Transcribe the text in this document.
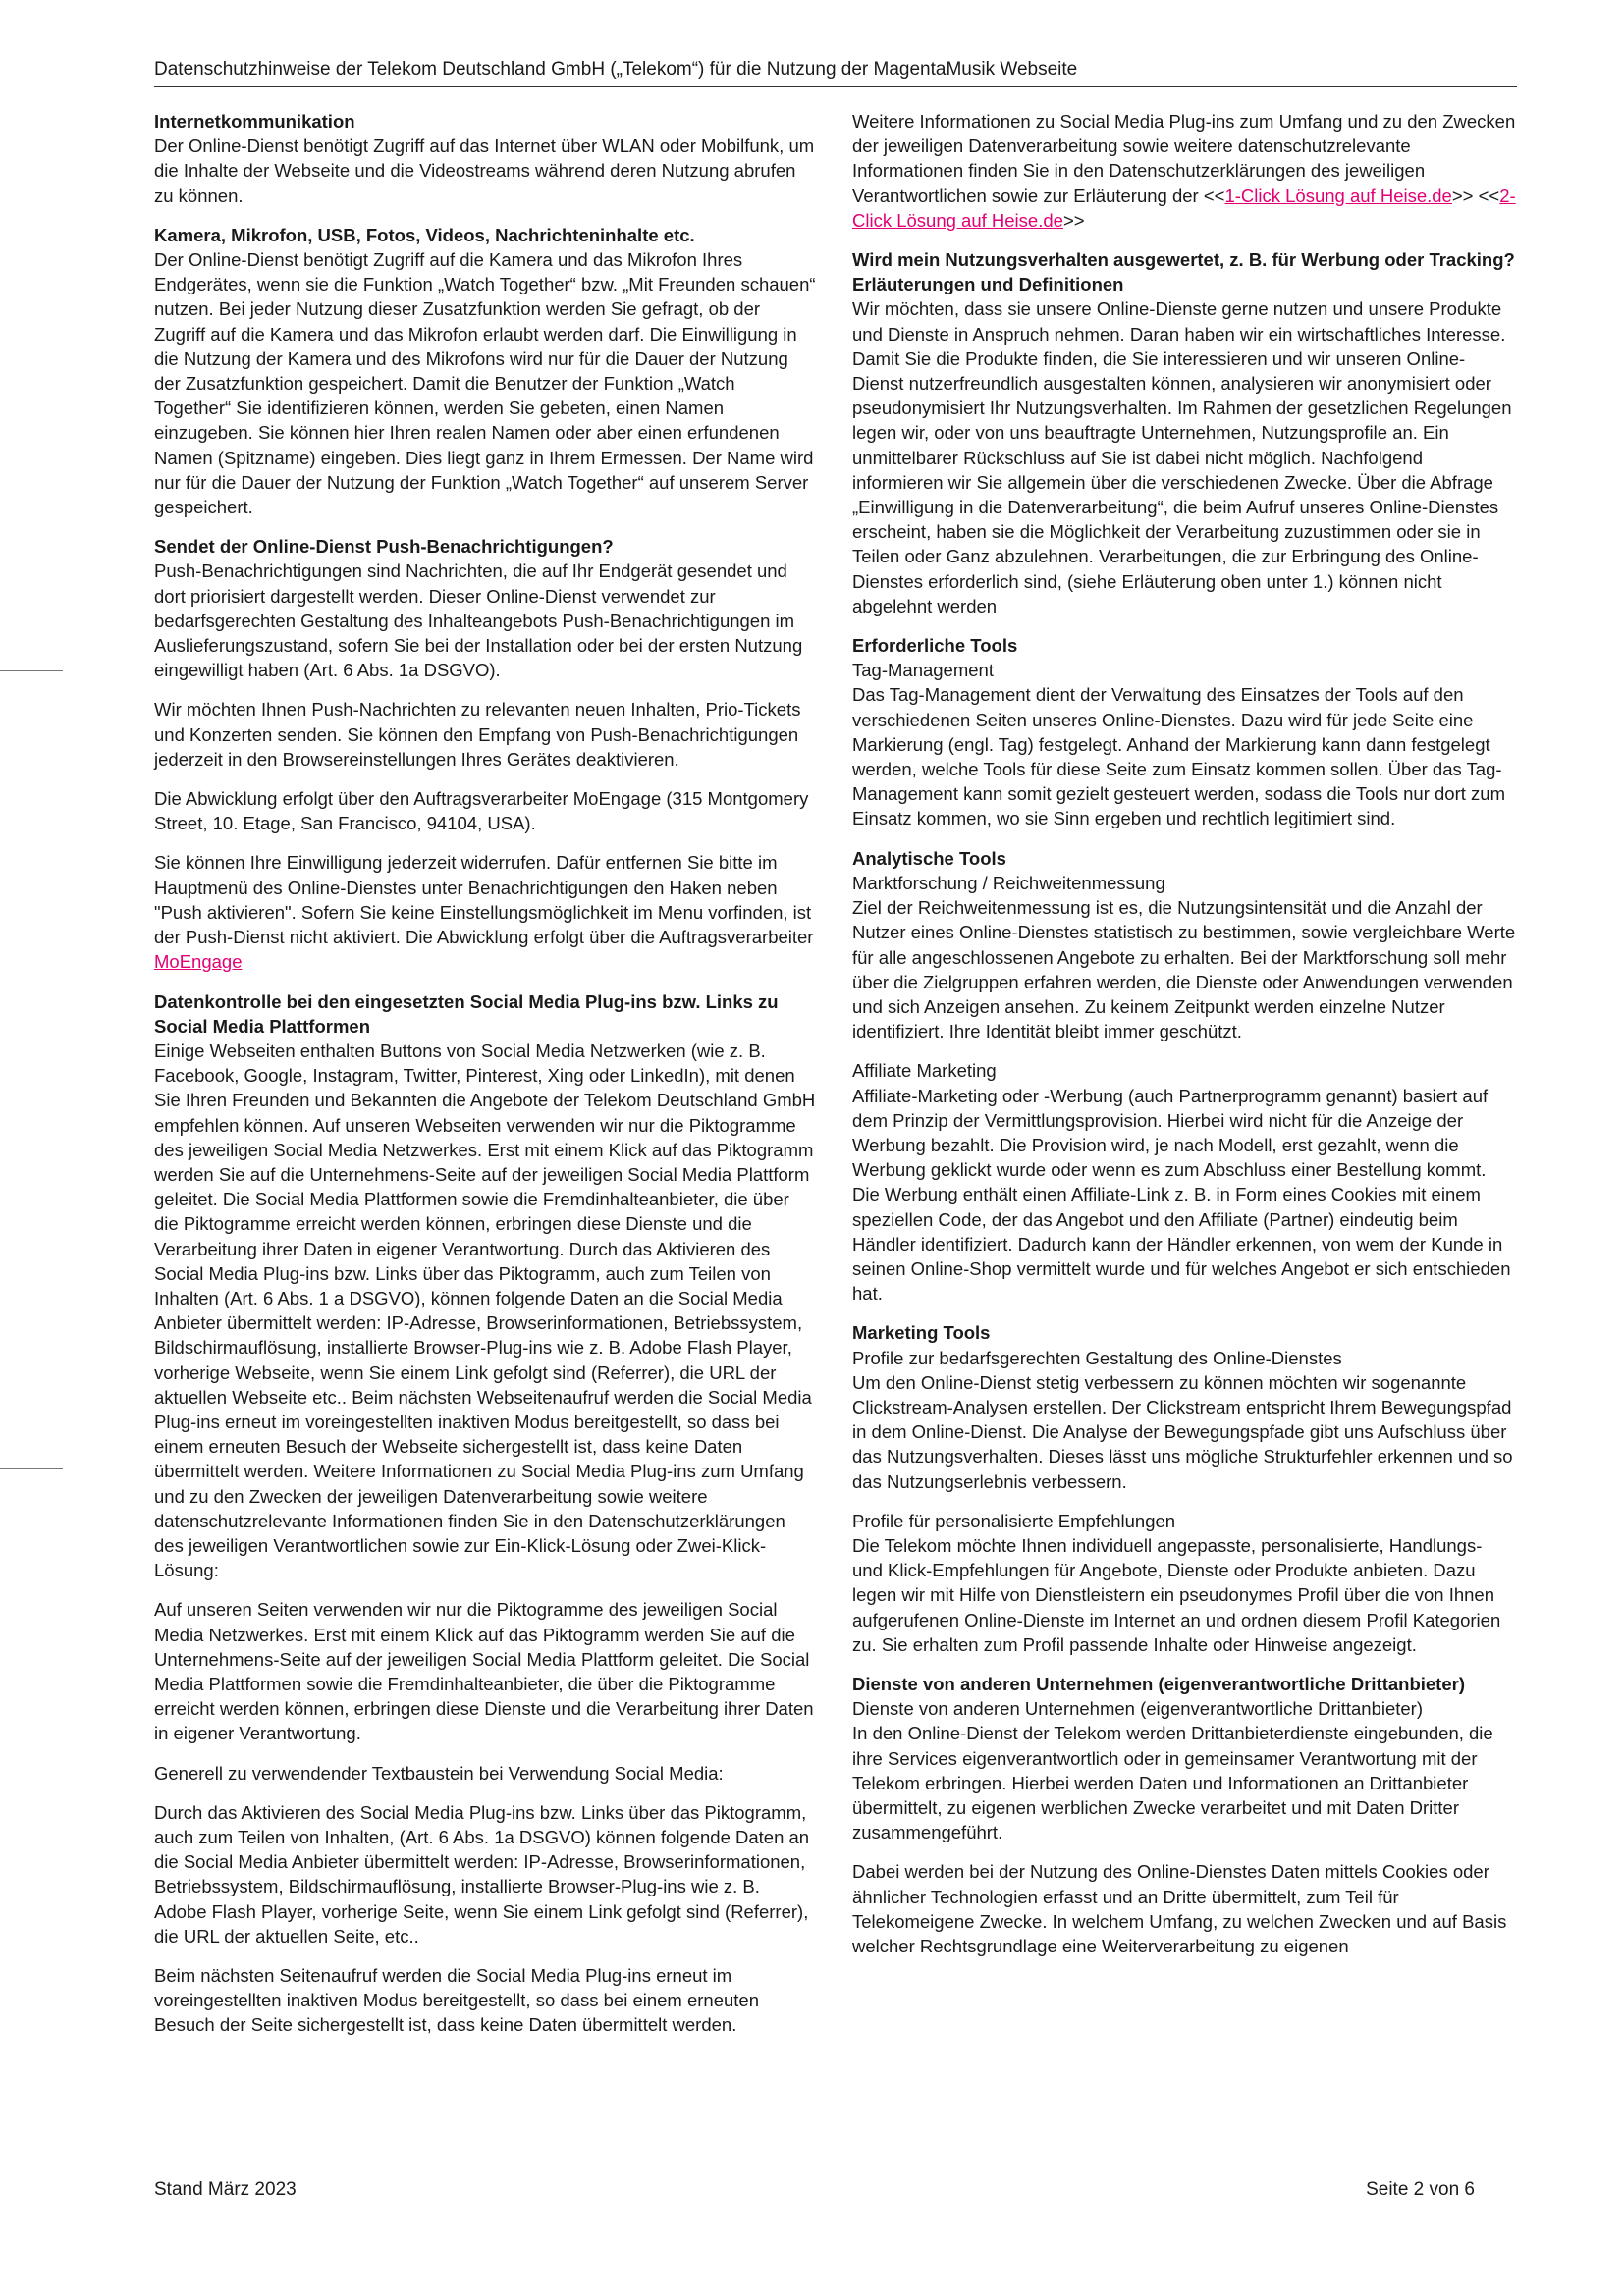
Datenschutzhinweise der Telekom Deutschland GmbH („Telekom“) für die Nutzung der MagentaMusik Webseite
Internetkommunikation

Der Online-Dienst benötigt Zugriff auf das Internet über WLAN oder Mobilfunk, um die Inhalte der Webseite und die Videostreams während deren Nutzung abrufen zu können.

Kamera, Mikrofon, USB, Fotos, Videos, Nachrichteninhalte etc.

Der Online-Dienst benötigt Zugriff auf die Kamera und das Mikrofon Ihres Endgerätes, wenn sie die Funktion „Watch Together“ bzw. „Mit Freunden schauen“ nutzen. Bei jeder Nutzung dieser Zusatzfunktion werden Sie gefragt, ob der Zugriff auf die Kamera und das Mikrofon erlaubt werden darf. Die Einwilligung in die Nutzung der Kamera und des Mikrofons wird nur für die Dauer der Nutzung der Zusatzfunktion gespeichert. Damit die Benutzer der Funktion „Watch Together“ Sie identifizieren können, werden Sie gebeten, einen Namen einzugeben. Sie können hier Ihren realen Namen oder aber einen erfundenen Namen (Spitzname) eingeben. Dies liegt ganz in Ihrem Ermessen. Der Name wird nur für die Dauer der Nutzung der Funktion „Watch Together“ auf unserem Server gespeichert.

Sendet der Online-Dienst Push-Benachrichtigungen?

Push-Benachrichtigungen sind Nachrichten, die auf Ihr Endgerät gesendet und dort priorisiert dargestellt werden. Dieser Online-Dienst verwendet zur bedarfsgerechten Gestaltung des Inhalteangebots Push-Benachrichtigungen im Auslieferungszustand, sofern Sie bei der Installation oder bei der ersten Nutzung eingewilligt haben (Art. 6 Abs. 1a DSGVO).

Wir möchten Ihnen Push-Nachrichten zu relevanten neuen Inhalten, Prio-Tickets und Konzerten senden. Sie können den Empfang von Push-Benachrichtigungen jederzeit in den Browsereinstellungen Ihres Gerätes deaktivieren.

Die Abwicklung erfolgt über den Auftragsverarbeiter MoEngage (315 Montgomery Street, 10. Etage, San Francisco, 94104, USA).

Sie können Ihre Einwilligung jederzeit widerrufen. Dafür entfernen Sie bitte im Hauptmenü des Online-Dienstes unter Benachrichtigungen den Haken neben "Push aktivieren". Sofern Sie keine Einstellungsmöglichkeit im Menu vorfinden, ist der Push-Dienst nicht aktiviert. Die Abwicklung erfolgt über die Auftragsverarbeiter MoEngage

Datenkontrolle bei den eingesetzten Social Media Plug-ins bzw. Links zu Social Media Plattformen

Einige Webseiten enthalten Buttons von Social Media Netzwerken (wie z. B. Facebook, Google, Instagram, Twitter, Pinterest, Xing oder LinkedIn), mit denen Sie Ihren Freunden und Bekannten die Angebote der Telekom Deutschland GmbH empfehlen können. Auf unseren Webseiten verwenden wir nur die Piktogramme des jeweiligen Social Media Netzwerkes. Erst mit einem Klick auf das Piktogramm werden Sie auf die Unternehmens-Seite auf der jeweiligen Social Media Plattform geleitet. Die Social Media Plattformen sowie die Fremdinhalteanbieter, die über die Piktogramme erreicht werden können, erbringen diese Dienste und die Verarbeitung ihrer Daten in eigener Verantwortung. Durch das Aktivieren des Social Media Plug-ins bzw. Links über das Piktogramm, auch zum Teilen von Inhalten (Art. 6 Abs. 1 a DSGVO), können folgende Daten an die Social Media Anbieter übermittelt werden: IP-Adresse, Browserinformationen, Betriebssystem, Bildschirmauflösung, installierte Browser-Plug-ins wie z. B. Adobe Flash Player, vorherige Webseite, wenn Sie einem Link gefolgt sind (Referrer), die URL der aktuellen Webseite etc.. Beim nächsten Webseitenaufruf werden die Social Media Plug-ins erneut im voreingestellten inaktiven Modus bereitgestellt, so dass bei einem erneuten Besuch der Webseite sichergestellt ist, dass keine Daten übermittelt werden. Weitere Informationen zu Social Media Plug-ins zum Umfang und zu den Zwecken der jeweiligen Datenverarbeitung sowie weitere datenschutzrelevante Informationen finden Sie in den Datenschutzerklärungen des jeweiligen Verantwortlichen sowie zur Ein-Klick-Lösung oder Zwei-Klick-Lösung:

Auf unseren Seiten verwenden wir nur die Piktogramme des jeweiligen Social Media Netzwerkes. Erst mit einem Klick auf das Piktogramm werden Sie auf die Unternehmens-Seite auf der jeweiligen Social Media Plattform geleitet. Die Social Media Plattformen sowie die Fremdinhalteanbieter, die über die Piktogramme erreicht werden können, erbringen diese Dienste und die Verarbeitung ihrer Daten in eigener Verantwortung.

Generell zu verwendender Textbaustein bei Verwendung Social Media:

Durch das Aktivieren des Social Media Plug-ins bzw. Links über das Piktogramm, auch zum Teilen von Inhalten, (Art. 6 Abs. 1a DSGVO) können folgende Daten an die Social Media Anbieter übermittelt werden: IP-Adresse, Browserinformationen, Betriebssystem, Bildschirmauflösung, installierte Browser-Plug-ins wie z. B. Adobe Flash Player, vorherige Seite, wenn Sie einem Link gefolgt sind (Referrer), die URL der aktuellen Seite, etc..

Beim nächsten Seitenaufruf werden die Social Media Plug-ins erneut im voreingestellten inaktiven Modus bereitgestellt, so dass bei einem erneuten Besuch der Seite sichergestellt ist, dass keine Daten übermittelt werden.

Weitere Informationen zu Social Media Plug-ins zum Umfang und zu den Zwecken der jeweiligen Datenverarbeitung sowie weitere datenschutzrelevante Informationen finden Sie in den Datenschutzerklärungen des jeweiligen Verantwortlichen sowie zur Erläuterung der <<1-Click Lösung auf Heise.de>> <<2-Click Lösung auf Heise.de>>

Wird mein Nutzungsverhalten ausgewertet, z. B. für Werbung oder Tracking?
Erläuterungen und Definitionen

Wir möchten, dass sie unsere Online-Dienste gerne nutzen und unsere Produkte und Dienste in Anspruch nehmen. Daran haben wir ein wirtschaftliches Interesse. Damit Sie die Produkte finden, die Sie interessieren und wir unseren Online-Dienst nutzerfreundlich ausgestalten können, analysieren wir anonymisiert oder pseudonymisiert Ihr Nutzungsverhalten. Im Rahmen der gesetzlichen Regelungen legen wir, oder von uns beauftragte Unternehmen, Nutzungsprofile an. Ein unmittelbarer Rückschluss auf Sie ist dabei nicht möglich. Nachfolgend informieren wir Sie allgemein über die verschiedenen Zwecke. Über die Abfrage „Einwilligung in die Datenverarbeitung“, die beim Aufruf unseres Online-Dienstes erscheint, haben sie die Möglichkeit der Verarbeitung zuzustimmen oder sie in Teilen oder Ganz abzulehnen. Verarbeitungen, die zur Erbringung des Online-Dienstes erforderlich sind, (siehe Erläuterung oben unter 1.) können nicht abgelehnt werden

Erforderliche Tools
Tag-Management

Das Tag-Management dient der Verwaltung des Einsatzes der Tools auf den verschiedenen Seiten unseres Online-Dienstes. Dazu wird für jede Seite eine Markierung (engl. Tag) festgelegt. Anhand der Markierung kann dann festgelegt werden, welche Tools für diese Seite zum Einsatz kommen sollen. Über das Tag-Management kann somit gezielt gesteuert werden, sodass die Tools nur dort zum Einsatz kommen, wo sie Sinn ergeben und rechtlich legitimiert sind.

Analytische Tools
Marktforschung / Reichweitenmessung

Ziel der Reichweitenmessung ist es, die Nutzungsintensität und die Anzahl der Nutzer eines Online-Dienstes statistisch zu bestimmen, sowie vergleichbare Werte für alle angeschlossenen Angebote zu erhalten. Bei der Marktforschung soll mehr über die Zielgruppen erfahren werden, die Dienste oder Anwendungen verwenden und sich Anzeigen ansehen. Zu keinem Zeitpunkt werden einzelne Nutzer identifiziert. Ihre Identität bleibt immer geschützt.

Affiliate Marketing

Affiliate-Marketing oder -Werbung (auch Partnerprogramm genannt) basiert auf dem Prinzip der Vermittlungsprovision. Hierbei wird nicht für die Anzeige der Werbung bezahlt. Die Provision wird, je nach Modell, erst gezahlt, wenn die Werbung geklickt wurde oder wenn es zum Abschluss einer Bestellung kommt. Die Werbung enthält einen Affiliate-Link z. B. in Form eines Cookies mit einem speziellen Code, der das Angebot und den Affiliate (Partner) eindeutig beim Händler identifiziert. Dadurch kann der Händler erkennen, von wem der Kunde in seinen Online-Shop vermittelt wurde und für welches Angebot er sich entschieden hat.

Marketing Tools
Profile zur bedarfsgerechten Gestaltung des Online-Dienstes

Um den Online-Dienst stetig verbessern zu können möchten wir sogenannte Clickstream-Analysen erstellen. Der Clickstream entspricht Ihrem Bewegungspfad in dem Online-Dienst. Die Analyse der Bewegungspfade gibt uns Aufschluss über das Nutzungsverhalten. Dieses lässt uns mögliche Strukturfehler erkennen und so das Nutzungserlebnis verbessern.

Profile für personalisierte Empfehlungen

Die Telekom möchte Ihnen individuell angepasste, personalisierte, Handlungs- und Klick-Empfehlungen für Angebote, Dienste oder Produkte anbieten. Dazu legen wir mit Hilfe von Dienstleistern ein pseudonymes Profil über die von Ihnen aufgerufenen Online-Dienste im Internet an und ordnen diesem Profil Kategorien zu. Sie erhalten zum Profil passende Inhalte oder Hinweise angezeigt.

Dienste von anderen Unternehmen (eigenverantwortliche Drittanbieter)
Dienste von anderen Unternehmen (eigenverantwortliche Drittanbieter)

In den Online-Dienst der Telekom werden Drittanbieterdienste eingebunden, die ihre Services eigenverantwortlich oder in gemeinsamer Verantwortung mit der Telekom erbringen. Hierbei werden Daten und Informationen an Drittanbieter übermittelt, zu eigenen werblichen Zwecke verarbeitet und mit Daten Dritter zusammengeführt.

Dabei werden bei der Nutzung des Online-Dienstes Daten mittels Cookies oder ähnlicher Technologien erfasst und an Dritte übermittelt, zum Teil für Telekomeigene Zwecke. In welchem Umfang, zu welchen Zwecken und auf Basis welcher Rechtsgrundlage eine Weiterverarbeitung zu eigenen

Stand März 2023	Seite 2 von 6
